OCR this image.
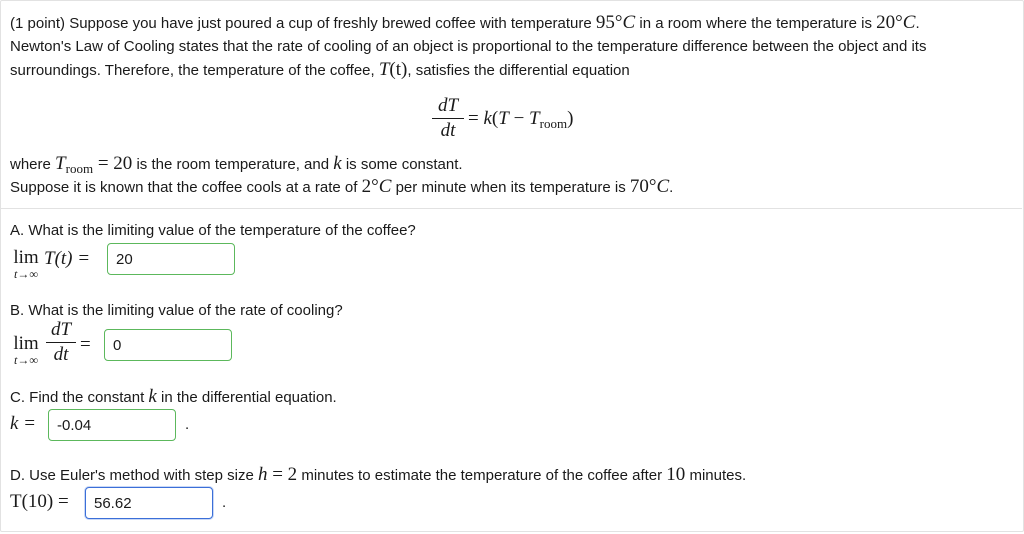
(1 point) Suppose you have just poured a cup of freshly brewed coffee with temperature 95°C in a room where the temperature is 20°C.
Newton's Law of Cooling states that the rate of cooling of an object is proportional to the temperature difference between the object and its
surroundings. Therefore, the temperature of the coffee, T(t), satisfies the differential equation
dT
dt
= k(T − Troom)
where Troom = 20 is the room temperature, and k is some constant.
Suppose it is known that the coffee cools at a rate of 2°C per minute when its temperature is 70°C.
A. What is the limiting value of the temperature of the coffee?
lim
t→∞
T(t) =
20
B. What is the limiting value of the rate of cooling?
lim
t→∞
dT
dt =
0
C. Find the constant k in the differential equation.
k =
-0.04	.
D. Use Euler's method with step size h = 2 minutes to estimate the temperature of the coffee after 10 minutes.
T(10) =
56.62	.
